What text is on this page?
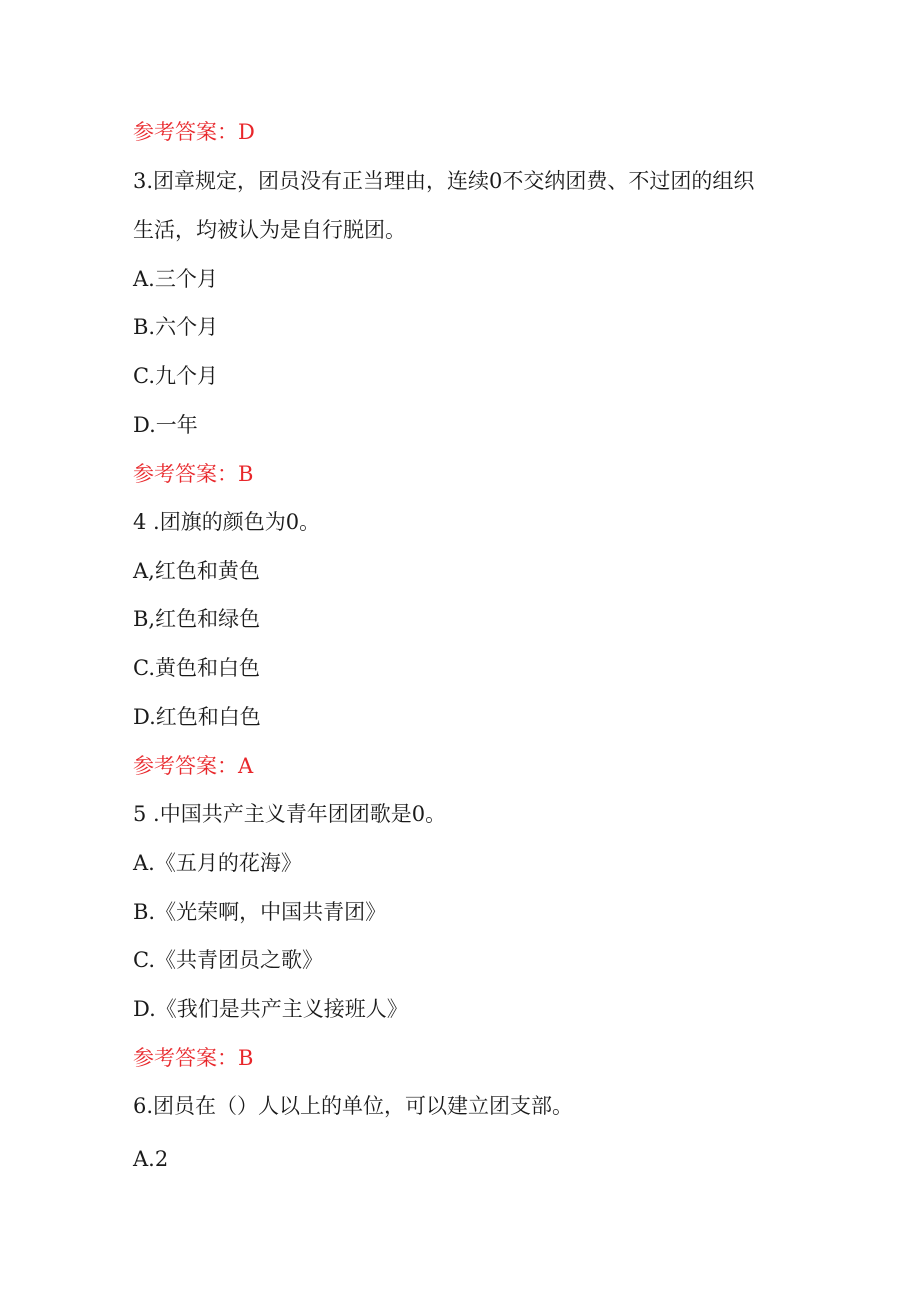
参考答案：D
3.团章规定，团员没有正当理由，连续0不交纳团费、不过团的组织
生活，均被认为是自行脱团。
A.三个月
B.六个月
C.九个月
D.一年
参考答案：B
4 .团旗的颜色为0。
A,红色和黄色
B,红色和绿色
C.黄色和白色
D.红色和白色
参考答案：A
5 .中国共产主义青年团团歌是0。
A.《五月的花海》
B.《光荣啊，中国共青团》
C.《共青团员之歌》
D.《我们是共产主义接班人》
参考答案：B
6.团员在（）人以上的单位，可以建立团支部。
A.2
